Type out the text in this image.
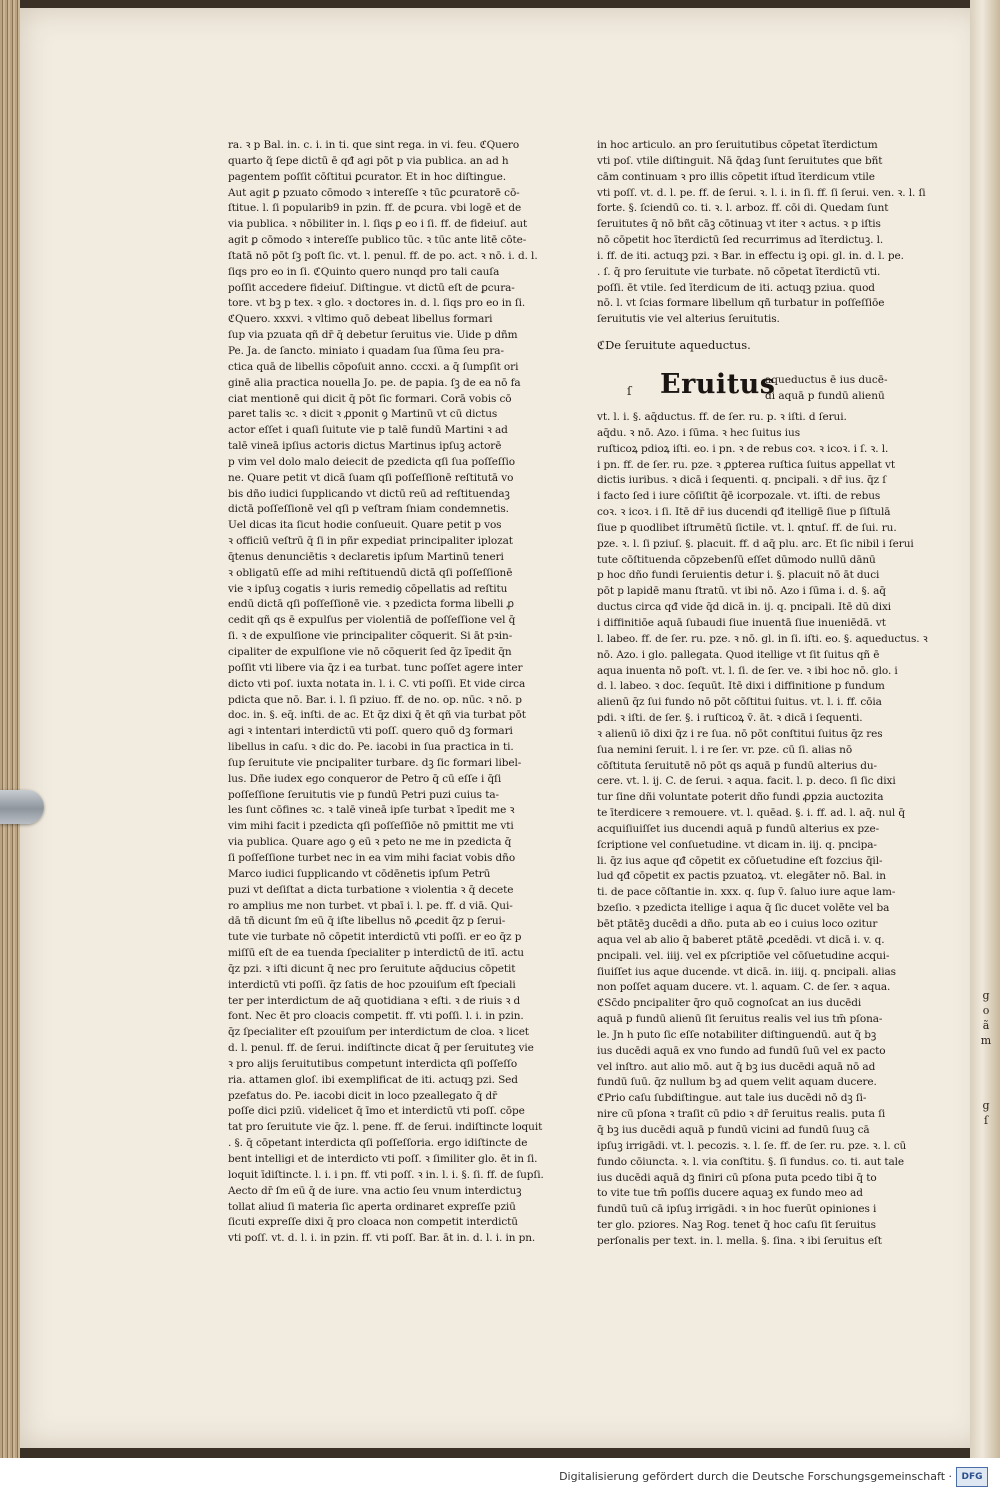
g
o
ã
m
g
ſ
ra. ꝛ p Bal. in. c. i. in ti. que sint rega. in vi. feu. ℭQuero
quarto q̃ ſepe dictū ē qđ agi pōt p via publica. an ad h
pagentem poſſit cōſtitui ꝑcurator. Et in hoc diſtingue.
Aut agit ꝑ pzuato cōmodo ꝛ intereſſe ꝛ tūc ꝑcuratorē cō-
ſtitue. l. ſi popularib9 in pzin. ff. de ꝑcura. vbi logē et de
via publica. ꝛ nōbiliter in. l. ſiqs ꝑ eo i ſi. ff. de fideiuſ. aut
agit ꝑ cōmodo ꝛ intereſſe publico tūc. ꝛ tūc ante litē cōte-
ſtatā nō pōt ſꝫ poſt ſic. vt. l. penul. ff. de po. act. ꝛ nō. i. d. l.
ſiqs pro eo in ſi. ℭQuinto quero nunqd pro tali cauſa
poſſit accedere fideiuſ. Diſtingue. vt dictū eſt de ꝑcura-
tore. vt bꝫ p tex. ꝛ glo. ꝛ doctores in. d. l. ſiqs pro eo in ſi.
ℭQuero. xxxvi. ꝛ vltimo quō debeat libellus formari
ſup via pzuata qñ dr̄ q̄ debetur ſeruitus vie. Uide p dñm
Pe. Ja. de ſancto. miniato i quadam ſua ſūma ſeu pra-
ctica quā de libellis cōpoſuit anno. cccxi. a q̄ ſumpſit ori
ginē alia practica nouella Jo. pe. de papia. ſꝫ de ea nō fa
ciat mentionē qui dicit q̄ pōt ſic formari. Corā vobis cō
paret talis ꝛc. ꝛ dicit ꝛ ꝓponit ꝯ Martinū vt cū dictus
actor eſſet i quaſi ſuitute vie p talē fundū Martini ꝛ ad
talē vineā ipſius actoris dictus Martinus ipſuꝫ actorē
p vim vel dolo malo deiecit de pzedicta qſi ſua poſſeſſio
ne. Quare petit vt dicā ſuam qſi poſſeſſionē reſtitutā vo
bis dño iudici ſupplicando vt dictū reū ad reſtituendaꝫ
dictā poſſeſſionē vel qſi p veſtram ſniam condemnetis.
Uel dicas ita ſicut hodie conſueuit. Quare petit p vos
ꝛ officiū veſtrū q̄ ſi in pñr expediat principaliter iplozat
q̄tenus denunciētis ꝛ declaretis ipſum Martinū teneri
ꝛ obligatū eſſe ad mihi reſtituendū dictā qſi poſſeſſionē
vie ꝛ ipſuꝫ cogatis ꝛ iuris remediꝯ cōpellatis ad reſtitu
endū dictā qſi poſſeſſionē vie. ꝛ pzedicta forma libelli ꝓ
cedit qñ qs ē expulſus per violentiā de poſſeſſione vel q̄
ſi. ꝛ de expulſione vie principaliter cōquerit. Si āt pꝛin-
cipaliter de expulſione vie nō cōquerit ſed q̄z īpedit q̄n
poſſit vti libere via q̄z i ea turbat. tunc poſſet agere inter
dicto vti poſ. iuxta notata in. l. i. C. vti poſſi. Et vide circa
pdicta que nō. Bar. i. l. ſi pziuo. ff. de no. op. nūc. ꝛ nō. p
doc. in. §. eq̄. inſti. de ac. Et q̄z dixi q̄ ēt qñ via turbat pōt
agi ꝛ intentari interdictū vti poſſ. quero quō dꝫ formari
libellus in caſu. ꝛ dic do. Pe. iacobi in ſua practica in ti.
ſup ſeruitute vie pncipaliter turbare. dꝫ ſic formari libel-
lus. Dñe iudex ego conqueror de Petro q̄ cū eſſe i q̄ſi
poſſeſſione ſeruitutis vie p fundū Petri puzi cuius ta-
les ſunt cōfines ꝛc. ꝛ talē vineā ipſe turbat ꝛ īpedit me ꝛ
vim mihi facit i pzedicta qſi poſſeſſiōe nō pmittit me vti
via publica. Quare ago ꝯ eū ꝛ peto ne me in pzedicta q̄
ſi poſſeſſione turbet nec in ea vim mihi faciat vobis dño
Marco iudici ſupplicando vt cōdēnetis ipſum Petrū
puzi vt deſiſtat a dicta turbatione ꝛ violentia ꝛ q̄ decete
ro amplius me non turbet. vt pbaī i. l. pe. ff. d viā. Qui-
dā tñ dicunt ſm eū q̄ iſte libellus nō ꝓcedit q̄z p ſerui-
tute vie turbate nō cōpetit interdictū vti poſſi. er eo q̄z p
miſſū eſt de ea tuenda ſpecialiter p interdictū de itī. actu
q̄z pzi. ꝛ iſti dicunt q̄ nec pro ſeruitute aq̄ducius cōpetit
interdictū vti poſſi. q̄z ſatis de hoc pzouiſum eſt ſpeciali
ter per interdictum de aq̄ quotidiana ꝛ eſti. ꝛ de riuis ꝛ d
font. Nec ēt pro cloacis competit. ff. vti poſſi. l. i. in pzin.
q̄z ſpecialiter eſt pzouiſum per interdictum de cloa. ꝛ licet
d. l. penul. ff. de ſerui. indiſtincte dicat q̄ per ſeruituteꝫ vie
ꝛ pro alijs ſeruitutibus competunt interdicta qſi poſſeſſo
ria. attamen gloſ. ibi exemplificat de iti. actuqꝫ pzi. Sed
pzefatus do. Pe. iacobi dicit in loco pzeallegato q̄ dr̄
poſſe dici pziū. videlicet q̄ īmo et interdictū vti poſſ. cōpe
tat pro ſeruitute vie q̄z. l. pene. ff. de ſerui. indiſtincte loquit
. §. q̄ cōpetant interdicta qſi poſſeſſoria. ergo idiſtincte de
bent intelligi et de interdicto vti poſſ. ꝛ ſimiliter glo. ēt in ſi.
loquit īdiſtincte. l. i. i pn. ff. vti poſſ. ꝛ in. l. i. §. ſi. ff. de ſupſi.
Aecto dr̄ ſm eū q̄ de iure. vna actio ſeu vnum interdictuꝫ
tollat aliud ſi materia ſic aperta ordinaret expreſſe pziū
ſicuti expreſſe dixi q̄ pro cloaca non competit interdictū
vti poſſ. vt. d. l. i. in pzin. ff. vti poſſ. Bar. āt in. d. l. i. in pn.
in hoc articulo. an pro ſeruitutibus cōpetat īterdictum
vti poſ. vtile diſtinguit. Nā q̄daꝫ ſunt ſeruitutes que bñt
cām continuam ꝛ pro illis cōpetit iſtud īterdicum vtile
vti poſſ. vt. d. l. pe. ff. de ſerui. ꝛ. l. i. in ſi. ff. ſi ſerui. ven. ꝛ. l. ſi
forte. §. ſciendū co. ti. ꝛ. l. arboz. ff. cōi di. Quedam ſunt
ſeruitutes q̄ nō bñt cāꝫ cōtinuaꝫ vt iter ꝛ actus. ꝛ p iſtis
nō cōpetit hoc īterdictū ſed recurrimus ad īterdictuꝫ. l.
i. ff. de iti. actuqꝫ pzi. ꝛ Bar. in effectu iꝫ opi. gl. in. d. l. pe.
. ſ. q̄ pro ſeruitute vie turbate. nō cōpetat īterdictū vti.
poſſi. ēt vtile. ſed īterdicum de iti. actuqꝫ pziua. quod
nō. l. vt ſcias formare libellum qñ turbatur in poſſeſſiōe
ſeruitutis vie vel alterius ſeruitutis.
ℭDe ſeruitute aqueductus.
ſ Eruitus
aqueductus ē ius ducē-
di aquā p fundū alienū
vt. l. i. §. aq̄ductus. ff. de ſer. ru. p. ꝛ iſti. d ſerui.
aq̄du. ꝛ nō. Azo. i ſūma. ꝛ hec ſuitus ius
ruſticoꝝ pdioꝝ iſti. eo. i pn. ꝛ de rebus coꝛ. ꝛ icoꝛ. i ſ. ꝛ. l.
i pn. ff. de ſer. ru. pze. ꝛ ꝓpterea ruſtica ſuitus appellat vt
dictis iuribus. ꝛ dicā i ſequenti. q. pncipali. ꝛ dr̄ ius. q̄z ſ
i facto ſed i iure cōſiſtit q̄ē icorpozale. vt. iſti. de rebus
coꝛ. ꝛ icoꝛ. i ſi. Itē dr̄ ius ducendi qđ itelligē ſiue p ſiſtulā
ſiue p quodlibet iſtrumētū ſictile. vt. l. qntuſ. ff. de ſui. ru.
pze. ꝛ. l. ſi pziuſ. §. placuit. ff. d aq̄ plu. arc. Et ſic nibil i ſerui
tute cōſtituenda cōpzebenſū eſſet dūmodo nullū dānū
p hoc dño fundi ſeruientis detur i. §. placuit nō āt duci
pōt p lapidē manu ſtratū. vt ibi nō. Azo i ſūma i. d. §. aq̄
ductus circa qđ vide q̄d dicā in. ij. q. pncipali. Itē dū dixi
i diffinitiōe aquā ſubaudi ſiue inuentā ſiue inueniēdā. vt
l. labeo. ff. de ſer. ru. pze. ꝛ nō. gl. in ſi. iſti. eo. §. aqueductus. ꝛ
nō. Azo. i glo. pallegata. Quod itellige vt ſit ſuitus qñ ē
aqua inuenta nō poſt. vt. l. ſi. de ſer. ve. ꝛ ibi hoc nō. glo. i
d. l. labeo. ꝛ doc. ſequūt. Itē dixi i diffinitione p fundum
alienū q̄z ſui fundo nō pōt cōſtitui ſuitus. vt. l. i. ff. cōia
pdi. ꝛ iſti. de ſer. §. i ruſticoꝝ v̄. āt. ꝛ dicā i ſequenti.
ꝛ alienū iō dixi q̄z i re ſua. nō pōt conſtitui ſuitus q̄z res
ſua nemini ſeruit. l. i re ſer. vr. pze. cū ſi. alias nō
cōſtituta ſeruitutē nō pōt qs aquā p fundū alterius du-
cere. vt. l. ij. C. de ſerui. ꝛ aqua. facit. l. p. deco. ſi ſic dixi
tur ſine dñi voluntate poterit dño fundi ꝓpzia auctozita
te īterdicere ꝛ remouere. vt. l. quēad. §. i. ff. ad. l. aq̄. nul q̄
acquiſiuiſſet ius ducendi aquā p fundū alterius ex pze-
ſcriptione vel conſuetudine. vt dicam in. iij. q. pncipa-
li. q̄z ius aque qđ cōpetit ex cōſuetudine eſt fozcius q̄il-
lud qđ cōpetit ex pactis pzuatoꝝ. vt. elegāter nō. Bal. in
ti. de pace cōſtantie in. xxx. q. ſup v̄. ſaluo iure aque lam-
bzeſio. ꝛ pzedicta itellige i aqua q̄ ſic ducet volēte vel ba
bēt ptātēꝫ ducēdi a dño. puta ab eo i cuius loco ozitur
aqua vel ab alio q̄ baberet ptātē ꝓcedēdi. vt dicā i. v. q.
pncipali. vel. iiij. vel ex pſcriptiōe vel cōſuetudine acqui-
ſiuiſſet ius aque ducende. vt dicā. in. iiij. q. pncipali. alias
non poſſet aquam ducere. vt. l. aquam. C. de ſer. ꝛ aqua.
ℭSc̄do pncipaliter q̄ro quō cognoſcat an ius ducēdi
aquā p fundū alienū ſit ſeruitus realis vel ius tm̄ pſona-
le. Jn h puto ſic eſſe notabiliter diſtinguendū. aut q̄ bꝫ
ius ducēdi aquā ex vno fundo ad fundū ſuū vel ex pacto
vel inſtro. aut alio mō. aut q̄ bꝫ ius ducēdi aquā nō ad
fundū ſuū. q̄z nullum bꝫ ad quem velit aquam ducere.
ℭPrio caſu ſubdiſtingue. aut tale ius ducēdi nō dꝫ ſi-
nire cū pſona ꝛ traſit cū pdio ꝛ dr̄ ſeruitus realis. puta ſi
q̄ bꝫ ius ducēdi aquā p fundū vicini ad fundū ſuuꝫ cā
ipſuꝫ irrigādi. vt. l. pecozis. ꝛ. l. ſe. ff. de ſer. ru. pze. ꝛ. l. cū
fundo cōiuncta. ꝛ. l. via conſtitu. §. ſi fundus. co. ti. aut tale
ius ducēdi aquā dꝫ finiri cū pſona puta pcedo tibi q̄ to
to vite tue tm̄ poſſis ducere aquaꝫ ex fundo meo ad
fundū tuū cā ipſuꝫ irrigādi. ꝛ in hoc fuerūt opiniones i
ter glo. pziores. Naꝫ Rog. tenet q̄ hoc caſu ſit ſeruitus
perſonalis per text. in. l. mella. §. ſina. ꝛ ibi ſeruitus eſt
Digitalisierung gefördert durch die Deutsche Forschungsgemeinschaft ·	DFG
